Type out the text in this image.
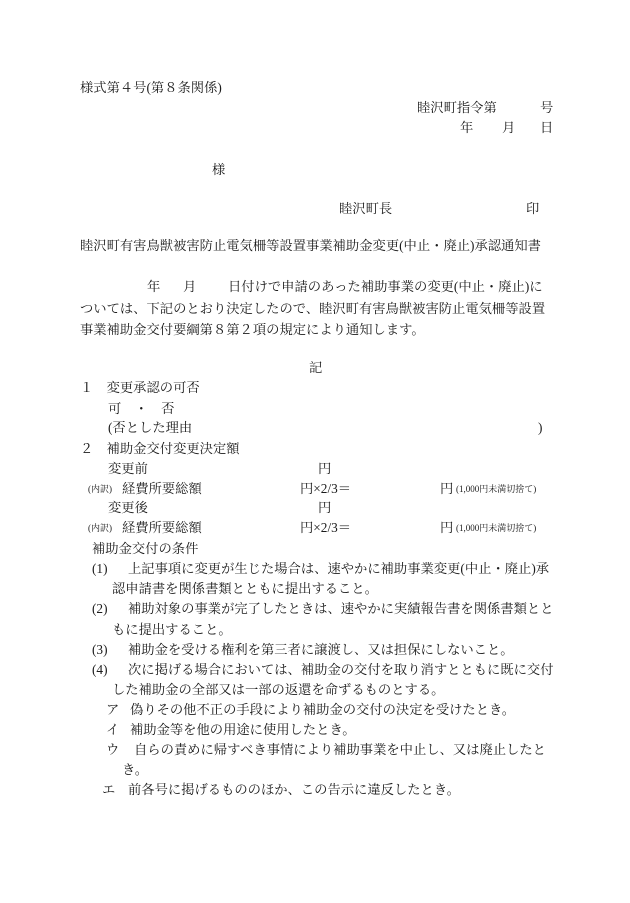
様式第４号(第８条関係)
睦沢町指令第	号
年 月 日
様
睦沢町長	印
睦沢町有害鳥獣被害防止電気柵等設置事業補助金変更(中止・廃止)承認通知書
年 月 日付けで申請のあった補助事業の変更(中止・廃止)に
ついては、下記のとおり決定したので、睦沢町有害鳥獣被害防止電気柵等設置
事業補助金交付要綱第８第２項の規定により通知します。
記
１　変更承認の可否
可　・　否
(否とした理由	)
２　補助金交付変更決定額
変更前	円
(内訳) 経費所要総額	円×2/3＝	円 (1,000円未満切捨て)
変更後	円
(内訳) 経費所要総額	円×2/3＝	円 (1,000円未満切捨て)
補助金交付の条件
(1) 上記事項に変更が生じた場合は、速やかに補助事業変更(中止・廃止)承
認申請書を関係書類とともに提出すること。
(2) 補助対象の事業が完了したときは、速やかに実績報告書を関係書類とと
もに提出すること。
(3) 補助金を受ける権利を第三者に譲渡し、又は担保にしないこと。
(4) 次に掲げる場合においては、補助金の交付を取り消すとともに既に交付
した補助金の全部又は一部の返還を命ずるものとする。
ア 偽りその他不正の手段により補助金の交付の決定を受けたとき。
イ 補助金等を他の用途に使用したとき。
ウ 自らの責めに帰すべき事情により補助事業を中止し、又は廃止したと
き。
エ 前各号に掲げるもののほか、この告示に違反したとき。
